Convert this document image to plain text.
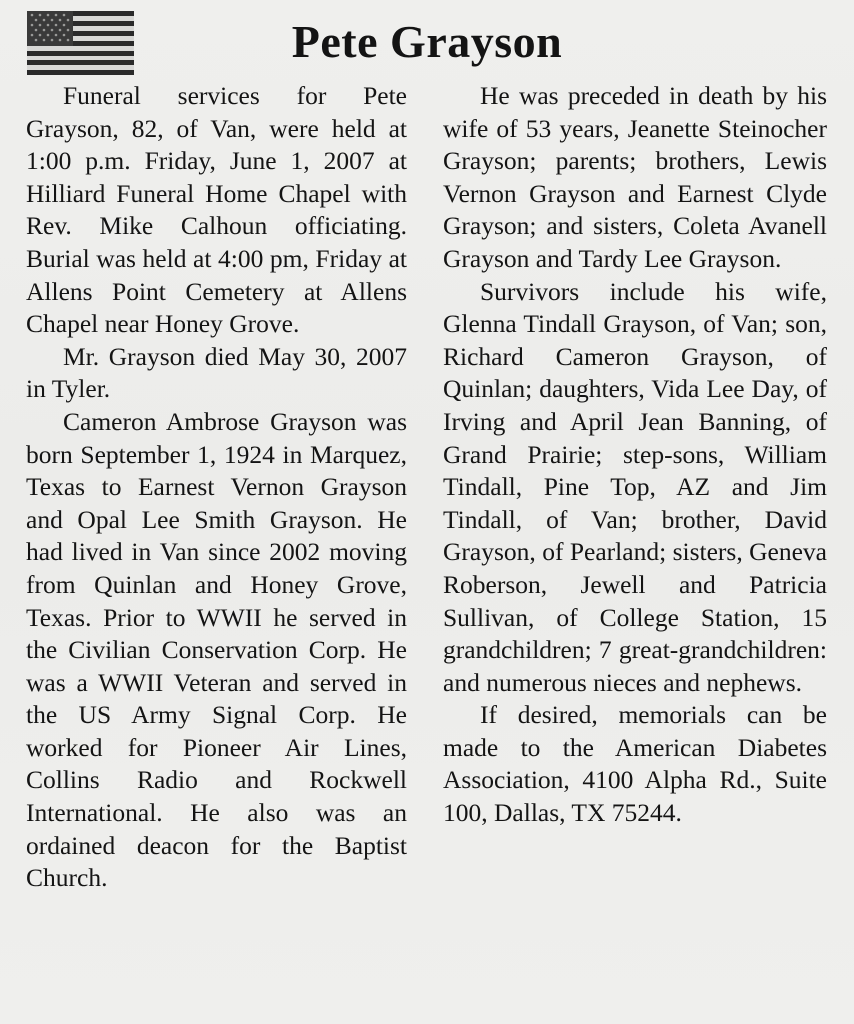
Pete Grayson

Funeral services for Pete Grayson, 82, of Van, were held at 1:00 p.m. Friday, June 1, 2007 at Hilliard Funeral Home Chapel with Rev. Mike Calhoun officiating. Burial was held at 4:00 pm, Friday at Allens Point Cemetery at Allens Chapel near Honey Grove.

Mr. Grayson died May 30, 2007 in Tyler.

Cameron Ambrose Grayson was born September 1, 1924 in Marquez, Texas to Earnest Vernon Grayson and Opal Lee Smith Grayson. He had lived in Van since 2002 moving from Quinlan and Honey Grove, Texas. Prior to WWII he served in the Civilian Conservation Corp. He was a WWII Veteran and served in the US Army Signal Corp. He worked for Pioneer Air Lines, Collins Radio and Rockwell International. He also was an ordained deacon for the Baptist Church.

He was preceded in death by his wife of 53 years, Jeanette Steinocher Grayson; parents; brothers, Lewis Vernon Grayson and Earnest Clyde Grayson; and sisters, Coleta Avanell Grayson and Tardy Lee Grayson.

Survivors include his wife, Glenna Tindall Grayson, of Van; son, Richard Cameron Grayson, of Quinlan; daughters, Vida Lee Day, of Irving and April Jean Banning, of Grand Prairie; step-sons, William Tindall, Pine Top, AZ and Jim Tindall, of Van; brother, David Grayson, of Pearland; sisters, Geneva Roberson, Jewell and Patricia Sullivan, of College Station, 15 grandchildren; 7 great-grandchildren: and numerous nieces and nephews.

If desired, memorials can be made to the American Diabetes Association, 4100 Alpha Rd., Suite 100, Dallas, TX 75244.
